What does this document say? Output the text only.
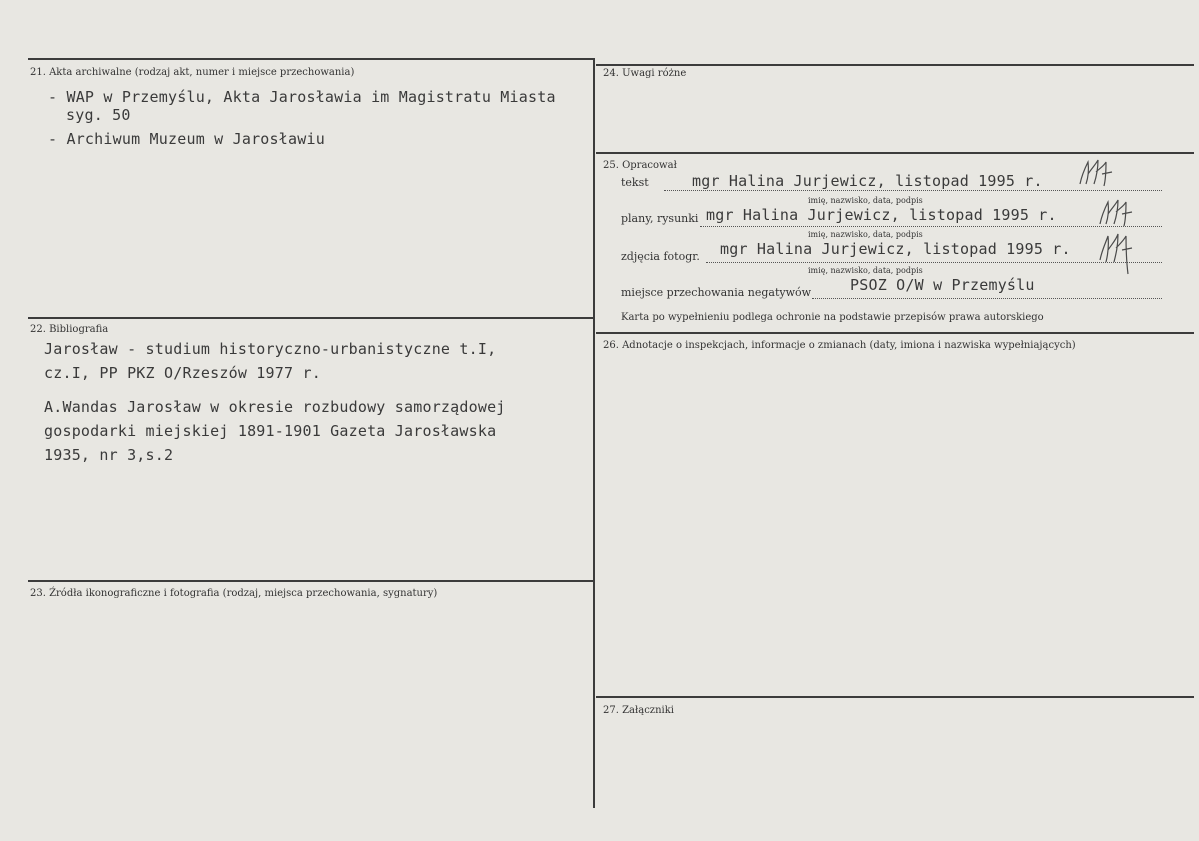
21. Akta archiwalne (rodzaj akt, numer i miejsce przechowania)
- WAP w Przemyślu, Akta Jarosławia im Magistratu Miasta
syg. 50
- Archiwum Muzeum w Jarosławiu
22. Bibliografia
Jarosław - studium historyczno-urbanistyczne t.I,
cz.I, PP PKZ O/Rzeszów 1977 r.
A.Wandas Jarosław w okresie rozbudowy samorządowej
gospodarki miejskiej 1891-1901 Gazeta Jarosławska
1935, nr 3,s.2
23. Źródła ikonograficzne i fotografia (rodzaj, miejsca przechowania, sygnatury)
24. Uwagi różne
25. Opracował
tekst	mgr Halina Jurjewicz, listopad 1995 r.
imię, nazwisko, data, podpis
plany, rysunki mgr Halina Jurjewicz, listopad 1995 r.
imię, nazwisko, data, podpis
zdjęcia fotogr. mgr Halina Jurjewicz, listopad 1995 r.
imię, nazwisko, data, podpis
miejsce przechowania negatywów	PSOZ O/W w Przemyślu
Karta po wypełnieniu podlega ochronie na podstawie przepisów prawa autorskiego
26. Adnotacje o inspekcjach, informacje o zmianach (daty, imiona i nazwiska wypełniających)
27. Załączniki
